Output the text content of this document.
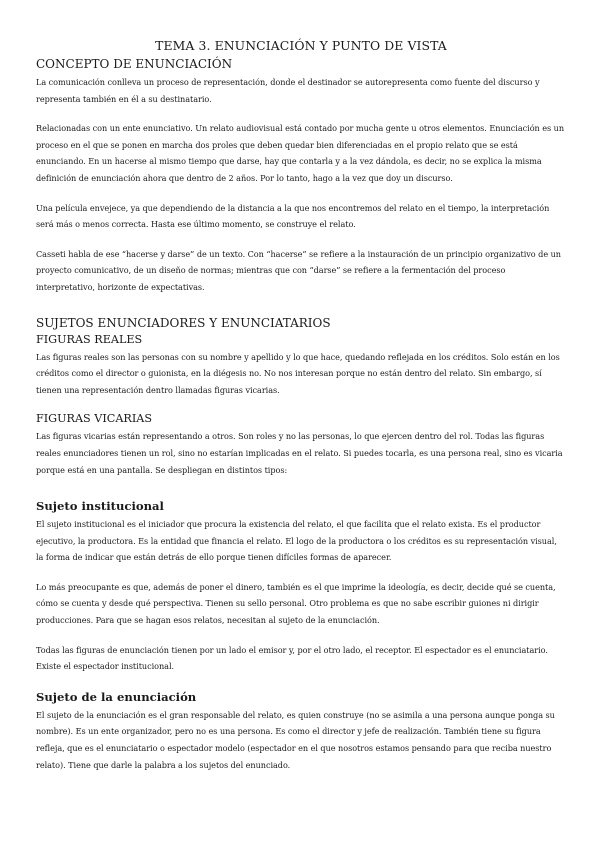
TEMA 3. ENUNCIACIÓN Y PUNTO DE VISTA
CONCEPTO DE ENUNCIACIÓN

La comunicación conlleva un proceso de representación, donde el destinador se autorepresenta como fuente del discurso y representa también en él a su destinatario.

Relacionadas con un ente enunciativo. Un relato audiovisual está contado por mucha gente u otros elementos. Enunciación es un proceso en el que se ponen en marcha dos proles que deben quedar bien diferenciadas en el propio relato que se está enunciando. En un hacerse al mismo tiempo que darse, hay que contarla y a la vez dándola, es decir, no se explica la misma definición de enunciación ahora que dentro de 2 años. Por lo tanto, hago a la vez que doy un discurso.

Una película envejece, ya que dependiendo de la distancia a la que nos encontremos del relato en el tiempo, la interpretación será más o menos correcta. Hasta ese último momento, se construye el relato.

Casseti habla de ese “hacerse y darse” de un texto. Con “hacerse” se refiere a la instauración de un principio organizativo de un proyecto comunicativo, de un diseño de normas; mientras que con “darse” se refiere a la fermentación del proceso interpretativo, horizonte de expectativas.

SUJETOS ENUNCIADORES Y ENUNCIATARIOS
FIGURAS REALES

Las figuras reales son las personas con su nombre y apellido y lo que hace, quedando reflejada en los créditos. Solo están en los créditos como el director o guionista, en la diégesis no. No nos interesan porque no están dentro del relato. Sin embargo, sí tienen una representación dentro llamadas figuras vicarias.

FIGURAS VICARIAS

Las figuras vicarias están representando a otros. Son roles y no las personas, lo que ejercen dentro del rol. Todas las figuras reales enunciadores tienen un rol, sino no estarían implicadas en el relato. Si puedes tocarla, es una persona real, sino es vicaria porque está en una pantalla. Se despliegan en distintos tipos:

Sujeto institucional

El sujeto institucional es el iniciador que procura la existencia del relato, el que facilita que el relato exista. Es el productor ejecutivo, la productora. Es la entidad que financia el relato. El logo de la productora o los créditos es su representación visual, la forma de indicar que están detrás de ello porque tienen difíciles formas de aparecer.

Lo más preocupante es que, además de poner el dinero, también es el que imprime la ideología, es decir, decide qué se cuenta, cómo se cuenta y desde qué perspectiva. Tienen su sello personal. Otro problema es que no sabe escribir guiones ni dirigir producciones. Para que se hagan esos relatos, necesitan al sujeto de la enunciación.

Todas las figuras de enunciación tienen por un lado el emisor y, por el otro lado, el receptor. El espectador es el enunciatario. Existe el espectador institucional.

Sujeto de la enunciación

El sujeto de la enunciación es el gran responsable del relato, es quien construye (no se asimila a una persona aunque ponga su nombre). Es un ente organizador, pero no es una persona. Es como el director y jefe de realización. También tiene su figura refleja, que es el enunciatario o espectador modelo (espectador en el que nosotros estamos pensando para que reciba nuestro relato). Tiene que darle la palabra a los sujetos del enunciado.
